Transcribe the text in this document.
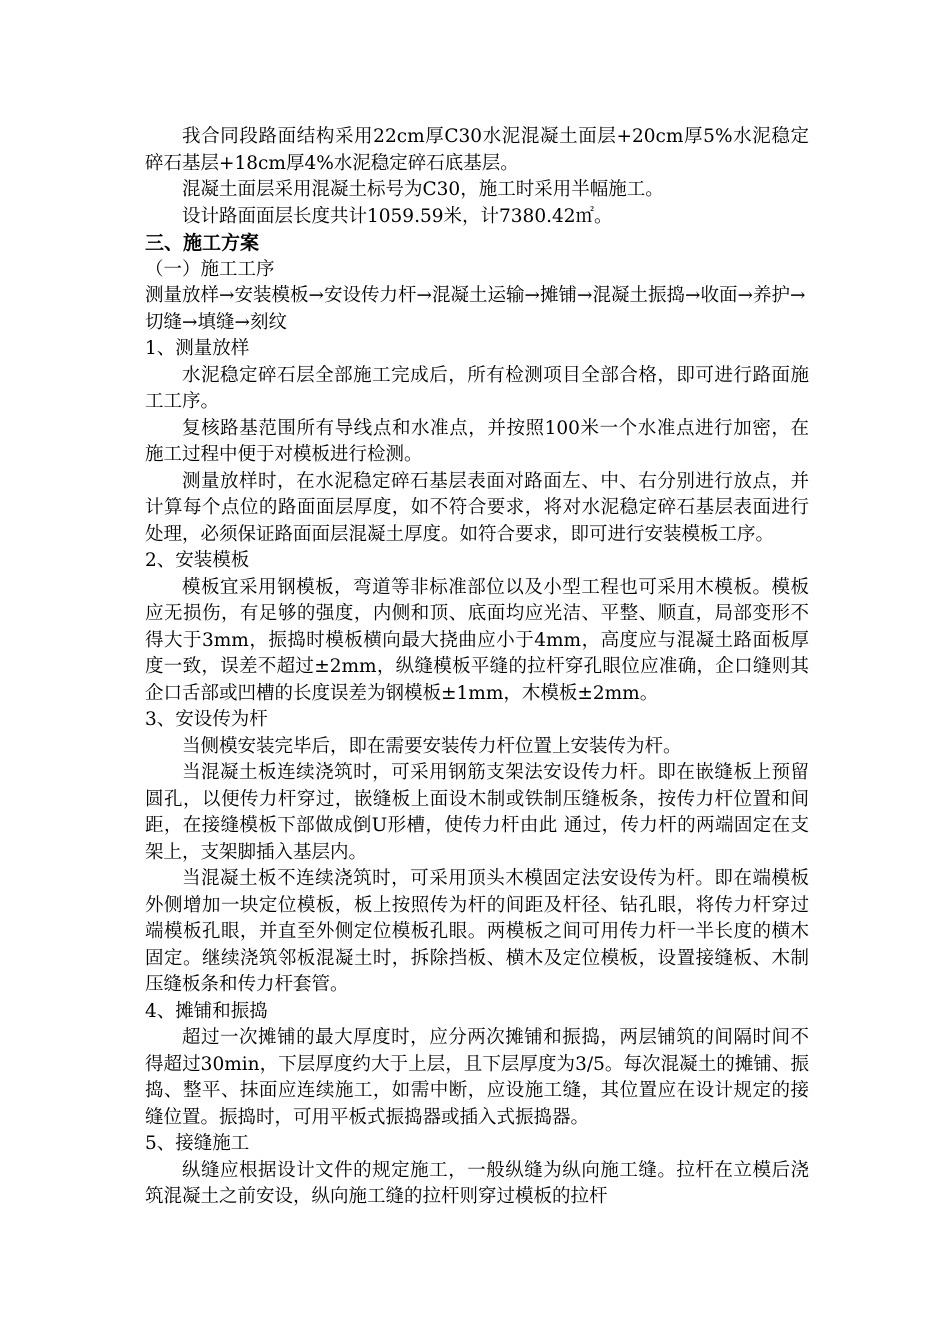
我合同段路面结构采用22cm厚C30水泥混凝土面层+20cm厚5%水泥稳定碎石基层+18cm厚4%水泥稳定碎石底基层。

混凝土面层采用混凝土标号为C30，施工时采用半幅施工。

设计路面面层长度共计1059.59米，计7380.42㎡。

三、施工方案

（一）施工工序

测量放样→安装模板→安设传力杆→混凝土运输→摊铺→混凝土振捣→收面→养护→切缝→填缝→刻纹

1、测量放样

水泥稳定碎石层全部施工完成后，所有检测项目全部合格，即可进行路面施工工序。

复核路基范围所有导线点和水准点，并按照100米一个水准点进行加密，在施工过程中便于对模板进行检测。

测量放样时，在水泥稳定碎石基层表面对路面左、中、右分别进行放点，并计算每个点位的路面面层厚度，如不符合要求，将对水泥稳定碎石基层表面进行处理，必须保证路面面层混凝土厚度。如符合要求，即可进行安装模板工序。

2、安装模板

模板宜采用钢模板，弯道等非标准部位以及小型工程也可采用木模板。模板应无损伤，有足够的强度，内侧和顶、底面均应光洁、平整、顺直，局部变形不得大于3mm，振捣时模板横向最大挠曲应小于4mm，高度应与混凝土路面板厚度一致，误差不超过±2mm，纵缝模板平缝的拉杆穿孔眼位应准确，企口缝则其企口舌部或凹槽的长度误差为钢模板±1mm，木模板±2mm。

3、安设传为杆

当侧模安装完毕后，即在需要安装传力杆位置上安装传为杆。

当混凝土板连续浇筑时，可采用钢筋支架法安设传力杆。即在嵌缝板上预留圆孔，以便传力杆穿过，嵌缝板上面设木制或铁制压缝板条，按传力杆位置和间距，在接缝模板下部做成倒U形槽，使传力杆由此 通过，传力杆的两端固定在支架上，支架脚插入基层内。

当混凝土板不连续浇筑时，可采用顶头木模固定法安设传为杆。即在端模板外侧增加一块定位模板，板上按照传为杆的间距及杆径、钻孔眼，将传力杆穿过端模板孔眼，并直至外侧定位模板孔眼。两模板之间可用传力杆一半长度的横木固定。继续浇筑邻板混凝土时，拆除挡板、横木及定位模板，设置接缝板、木制压缝板条和传力杆套管。

4、摊铺和振捣

超过一次摊铺的最大厚度时，应分两次摊铺和振捣，两层铺筑的间隔时间不得超过30min，下层厚度约大于上层，且下层厚度为3/5。每次混凝土的摊铺、振捣、整平、抹面应连续施工，如需中断，应设施工缝，其位置应在设计规定的接缝位置。振捣时，可用平板式振捣器或插入式振捣器。

5、接缝施工

纵缝应根据设计文件的规定施工，一般纵缝为纵向施工缝。拉杆在立模后浇筑混凝土之前安设，纵向施工缝的拉杆则穿过模板的拉杆
